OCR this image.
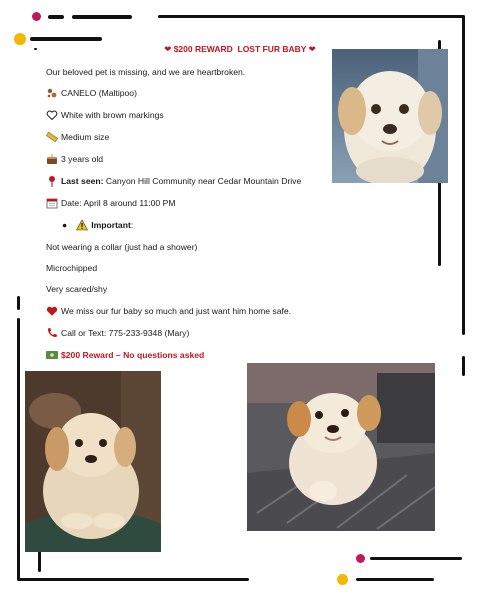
❤ $200 REWARD LOST FUR BABY ❤
Our beloved pet is missing, and we are heartbroken.
CANELO (Maltipoo)
White with brown markings
Medium size
3 years old
Last seen:
Canyon Hill Community near Cedar Mountain Drive
Date: April 8 around 11:00 PM
●	Important :
Not wearing a collar (just had a shower)
Microchipped
Very scared/shy
We miss our fur baby so much and just want him home safe.
Call or Text: 775-233-9348 (Mary)
$200 Reward – No questions asked
